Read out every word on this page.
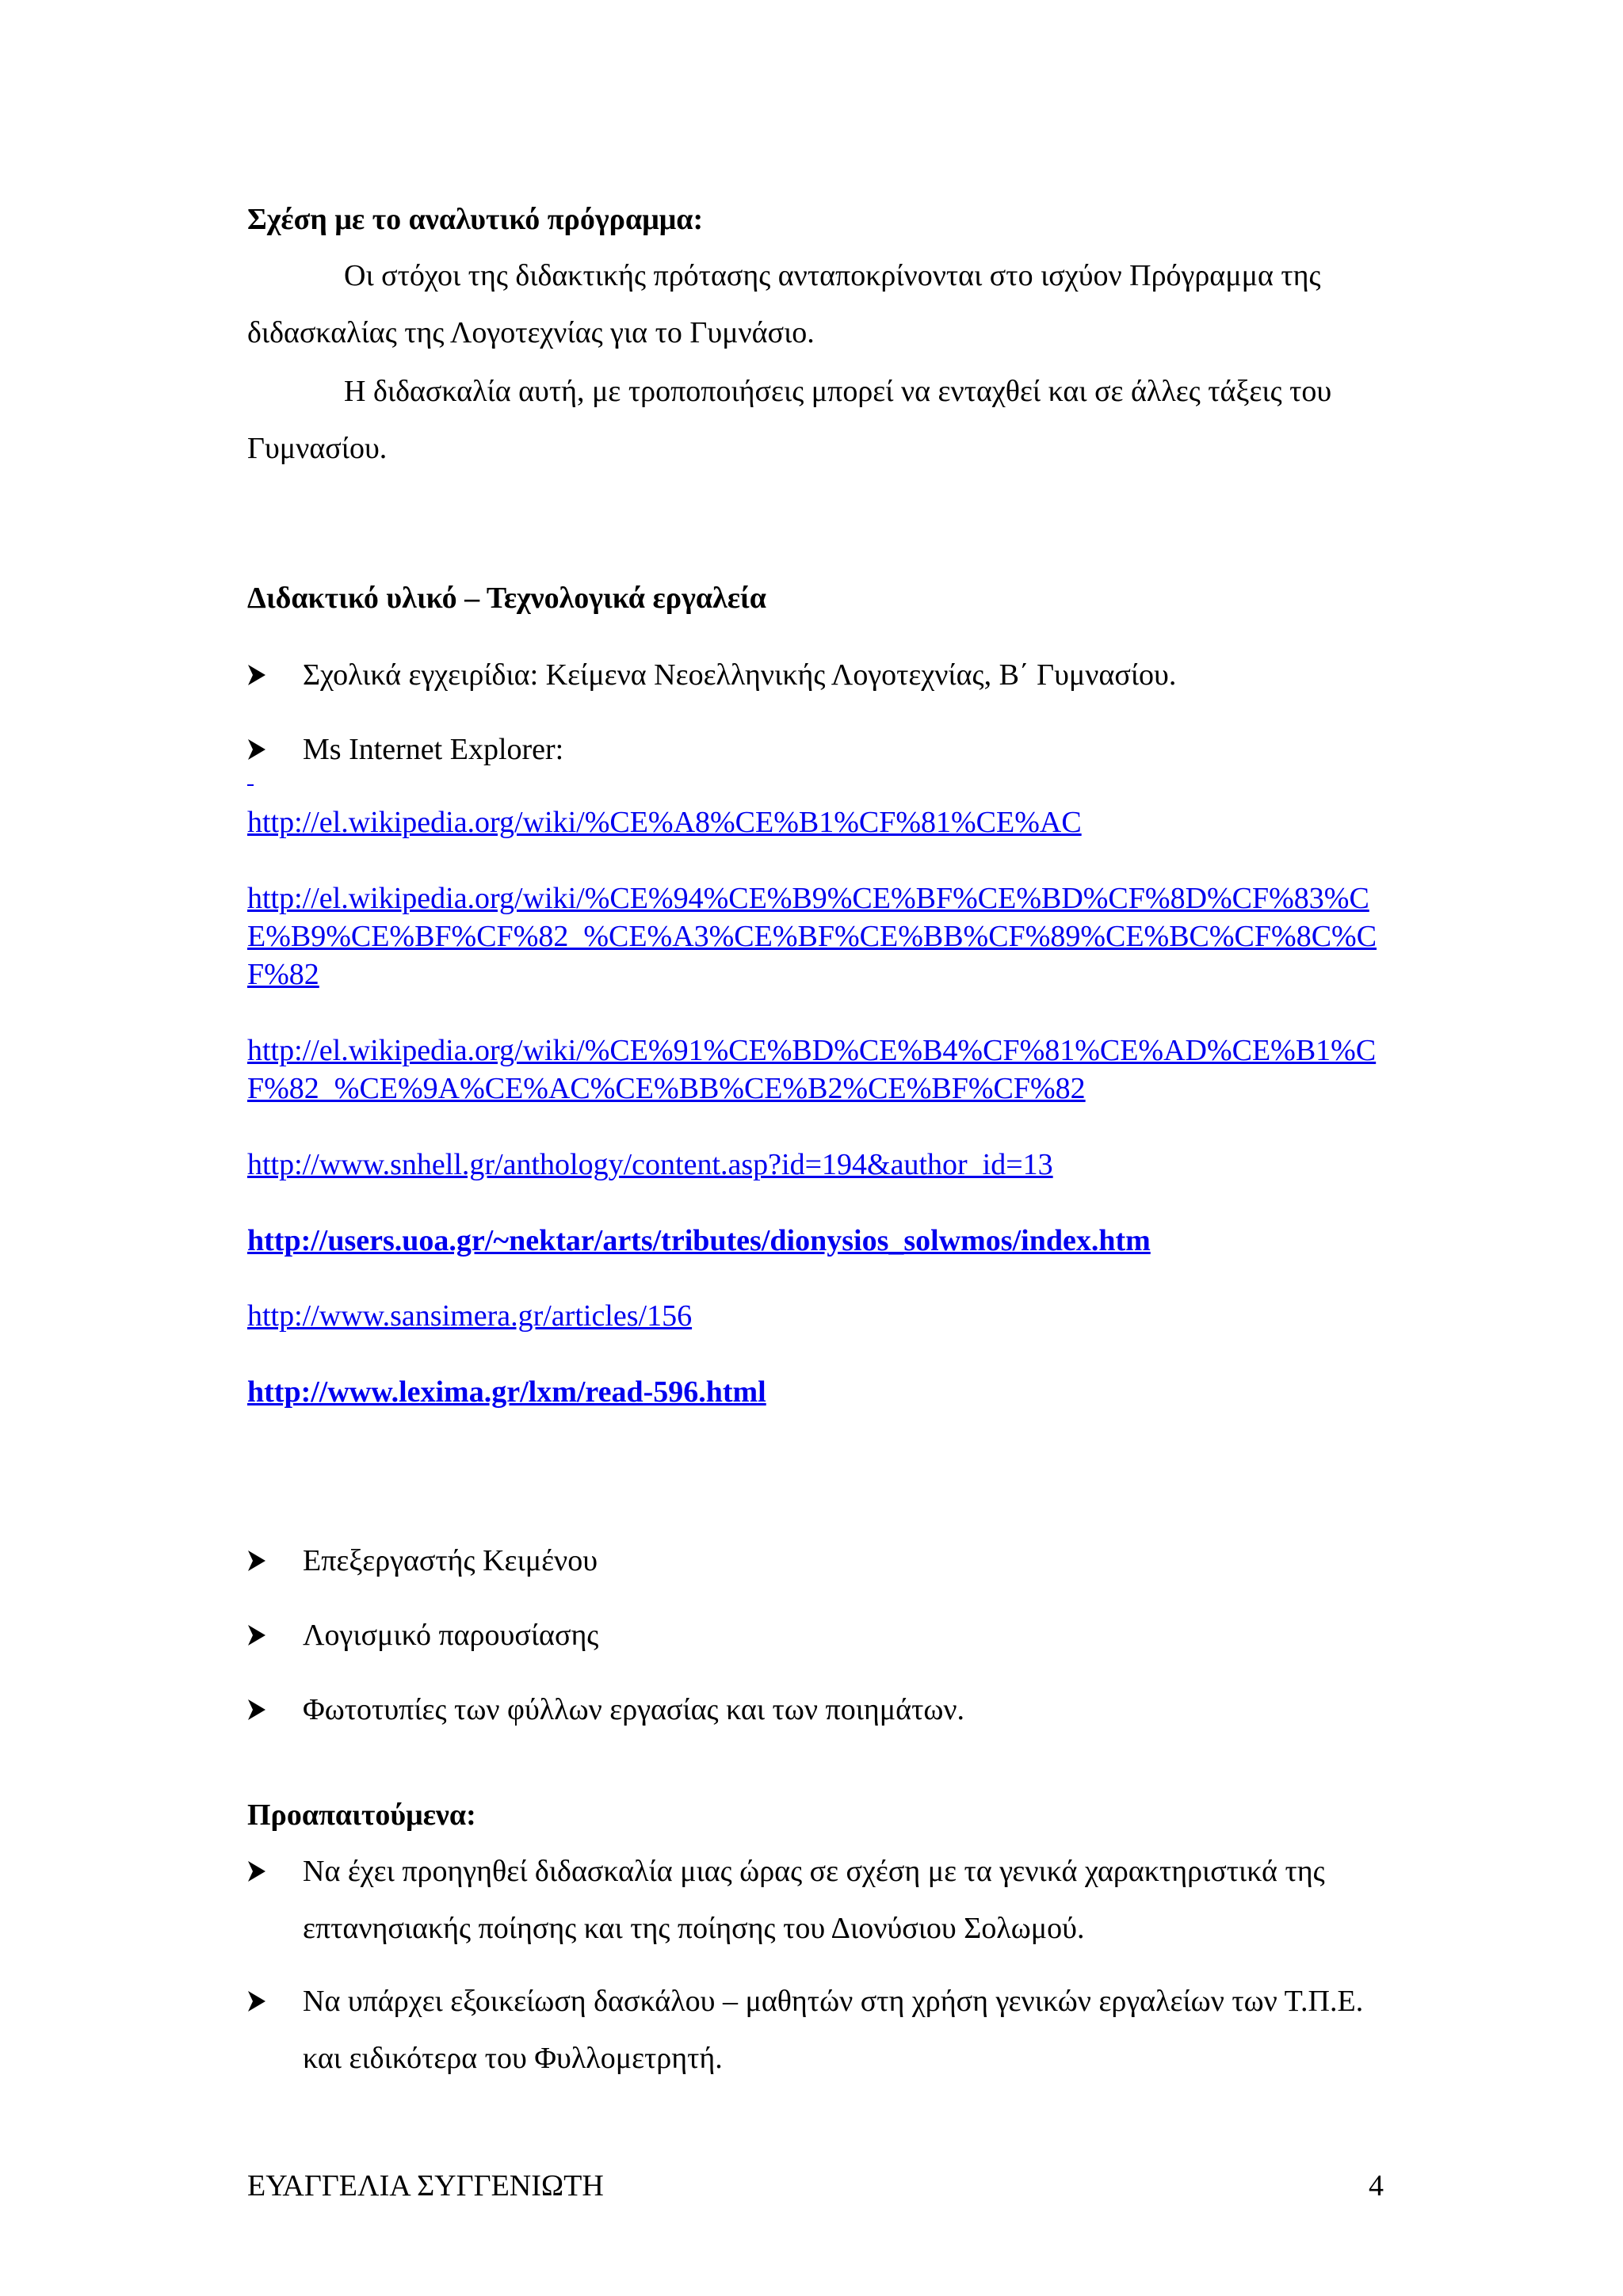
Σχέση με το αναλυτικό πρόγραμμα:
Οι στόχοι της διδακτικής πρότασης ανταποκρίνονται στο ισχύον Πρόγραμμα της διδασκαλίας της Λογοτεχνίας για το Γυμνάσιο.
Η διδασκαλία αυτή, με τροποποιήσεις μπορεί να ενταχθεί και σε άλλες τάξεις του Γυμνασίου.
Διδακτικό υλικό – Τεχνολογικά εργαλεία
Σχολικά εγχειρίδια: Κείμενα Νεοελληνικής Λογοτεχνίας, Β΄ Γυμνασίου.
Ms Internet Explorer:
http://el.wikipedia.org/wiki/%CE%A8%CE%B1%CF%81%CE%AC
http://el.wikipedia.org/wiki/%CE%94%CE%B9%CE%BF%CE%BD%CF%8D%CF%83%CE%B9%CE%BF%CF%82_%CE%A3%CE%BF%CE%BB%CF%89%CE%BC%CF%8C%CF%82
http://el.wikipedia.org/wiki/%CE%91%CE%BD%CE%B4%CF%81%CE%AD%CE%B1%CF%82_%CE%9A%CE%AC%CE%BB%CE%B2%CE%BF%CF%82
http://www.snhell.gr/anthology/content.asp?id=194&author_id=13
http://users.uoa.gr/~nektar/arts/tributes/dionysios_solwmos/index.htm
http://www.sansimera.gr/articles/156
http://www.lexima.gr/lxm/read-596.html
Επεξεργαστής Κειμένου
Λογισμικό παρουσίασης
Φωτοτυπίες των φύλλων εργασίας και των ποιημάτων.
Προαπαιτούμενα:
Να έχει προηγηθεί διδασκαλία μιας ώρας σε σχέση με τα γενικά χαρακτηριστικά της επτανησιακής ποίησης και της ποίησης του Διονύσιου Σολωμού.
Να υπάρχει εξοικείωση δασκάλου – μαθητών στη χρήση γενικών εργαλείων των Τ.Π.Ε. και ειδικότερα του Φυλλομετρητή.
ΕΥΑΓΓΕΛΙΑ ΣΥΓΓΕΝΙΩΤΗ	4
